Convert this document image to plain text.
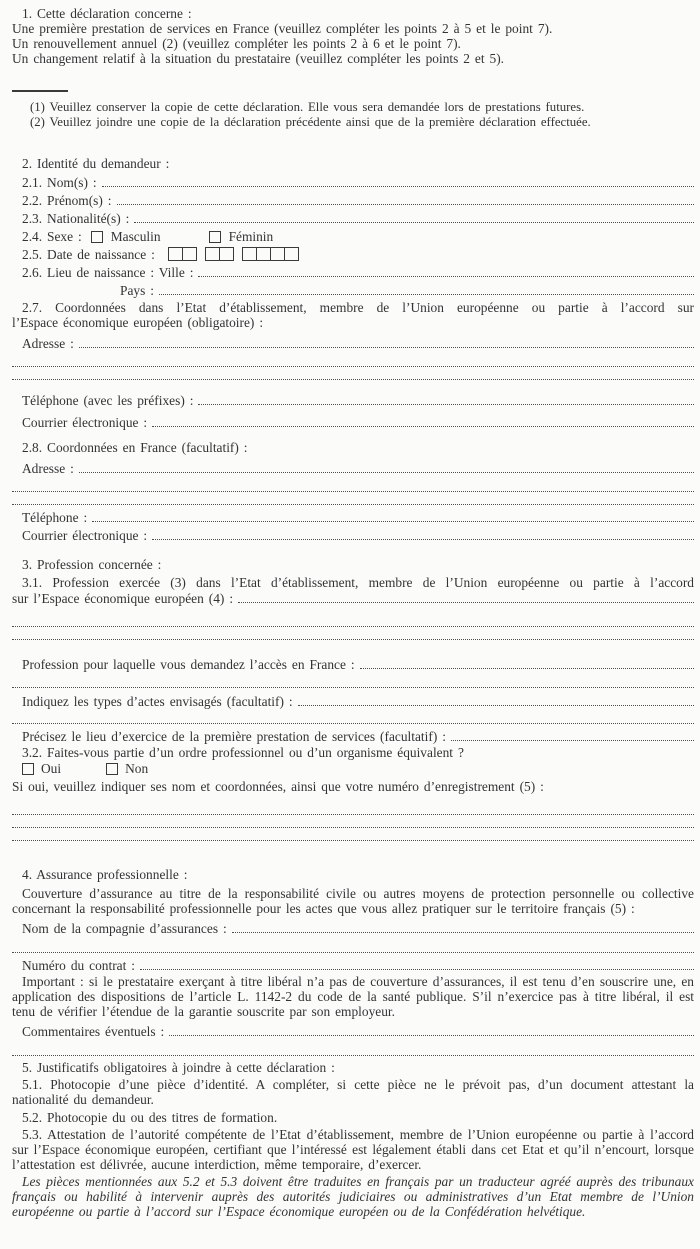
1. Cette déclaration concerne :
Une première prestation de services en France (veuillez compléter les points 2 à 5 et le point 7).
Un renouvellement annuel (2) (veuillez compléter les points 2 à 6 et le point 7).
Un changement relatif à la situation du prestataire (veuillez compléter les points 2 et 5).
(1) Veuillez conserver la copie de cette déclaration. Elle vous sera demandée lors de prestations futures.
(2) Veuillez joindre une copie de la déclaration précédente ainsi que de la première déclaration effectuée.
2. Identité du demandeur :
2.1. Nom(s) :
2.2. Prénom(s) :
2.3. Nationalité(s) :
2.4. Sexe :	Masculin	Féminin
2.5. Date de naissance :
2.6. Lieu de naissance : Ville :
Pays :
2.7. Coordonnées dans l’Etat d’établissement, membre de l’Union européenne ou partie à l’accord sur
l’Espace économique européen (obligatoire) :
Adresse :
Téléphone (avec les préfixes) :
Courrier électronique :
2.8. Coordonnées en France (facultatif) :
Adresse :
Téléphone :
Courrier électronique :
3. Profession concernée :
3.1. Profession exercée (3) dans l’Etat d’établissement, membre de l’Union européenne ou partie à l’accord
sur l’Espace économique européen (4) :
Profession pour laquelle vous demandez l’accès en France :
Indiquez les types d’actes envisagés (facultatif) :
Précisez le lieu d’exercice de la première prestation de services (facultatif) :
3.2. Faites-vous partie d’un ordre professionnel ou d’un organisme équivalent ?
Oui	Non
Si oui, veuillez indiquer ses nom et coordonnées, ainsi que votre numéro d’enregistrement (5) :
4. Assurance professionnelle :
Couverture d’assurance au titre de la responsabilité civile ou autres moyens de protection personnelle ou collective concernant la responsabilité professionnelle pour les actes que vous allez pratiquer sur le territoire français (5) :
Nom de la compagnie d’assurances :
Numéro du contrat :
Important : si le prestataire exerçant à titre libéral n’a pas de couverture d’assurances, il est tenu d’en souscrire une, en application des dispositions de l’article L. 1142-2 du code de la santé publique. S’il n’exercice pas à titre libéral, il est tenu de vérifier l’étendue de la garantie souscrite par son employeur.
Commentaires éventuels :
5. Justificatifs obligatoires à joindre à cette déclaration :
5.1. Photocopie d’une pièce d’identité. A compléter, si cette pièce ne le prévoit pas, d’un document attestant la nationalité du demandeur.
5.2. Photocopie du ou des titres de formation.
5.3. Attestation de l’autorité compétente de l’Etat d’établissement, membre de l’Union européenne ou partie à l’accord sur l’Espace économique européen, certifiant que l’intéressé est légalement établi dans cet Etat et qu’il n’encourt, lorsque l’attestation est délivrée, aucune interdiction, même temporaire, d’exercer.
Les pièces mentionnées aux 5.2 et 5.3 doivent être traduites en français par un traducteur agréé auprès des tribunaux français ou habilité à intervenir auprès des autorités judiciaires ou administratives d’un Etat membre de l’Union européenne ou partie à l’accord sur l’Espace économique européen ou de la Confédération helvétique.
